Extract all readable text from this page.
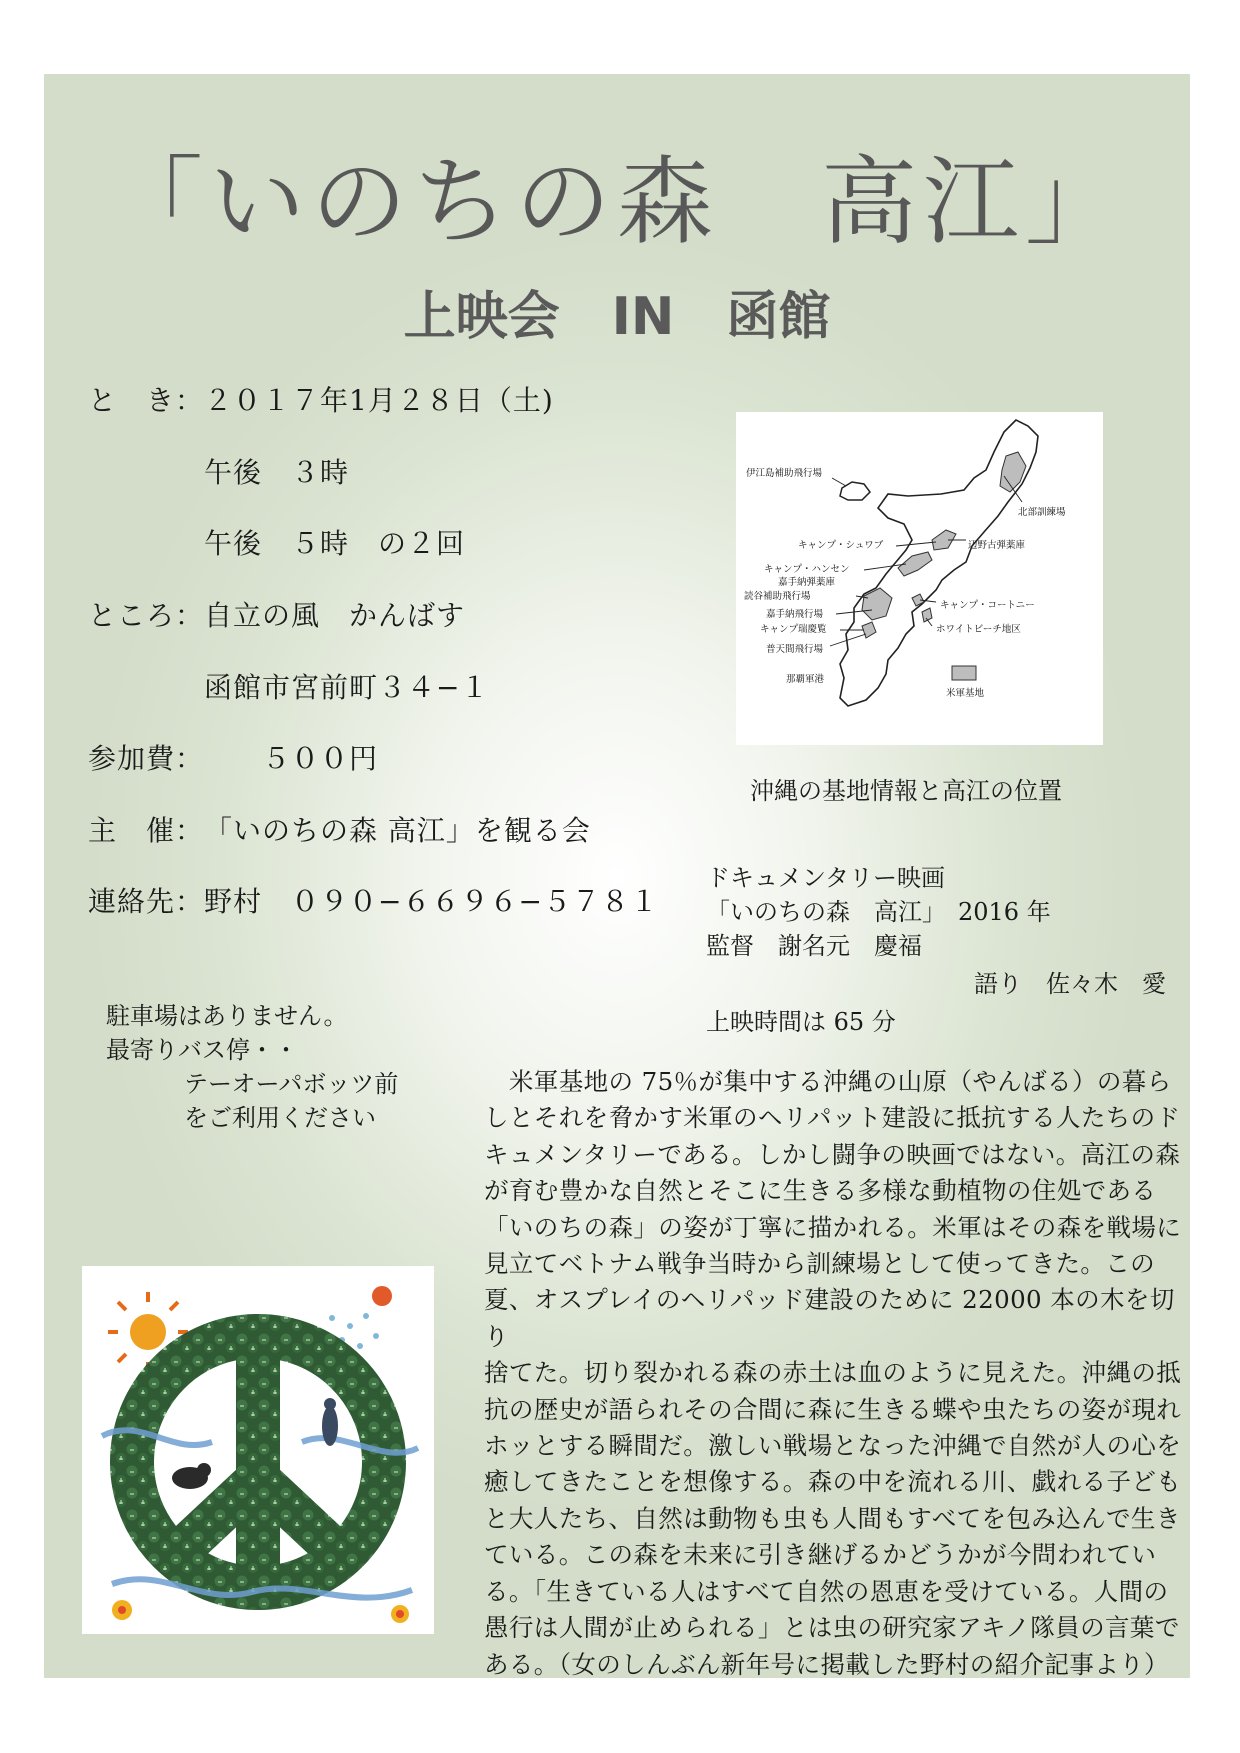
「いのちの森　高江」
上映会　IN　函館
と　き：２０１７年1月２８日（土)
午後　３時
午後　５時　の２回
ところ：自立の風　かんばす
函館市宮前町３４−１
参加費： ５００円
主　催：「いのちの森 高江」を観る会
連絡先：野村　０９０−６６９６−５７８１
伊江島補助飛行場
北部訓練場
キャンプ・シュワブ	辺野古弾薬庫
キャンプ・ハンセン
嘉手納弾薬庫
読谷補助飛行場
キャンプ・コートニー
嘉手納飛行場
ホワイトビーチ地区
キャンプ瑞慶覧
普天間飛行場
那覇軍港
米軍基地
沖縄の基地情報と高江の位置
ドキュメンタリー映画
「いのちの森　高江」　2016 年
監督　謝名元　慶福
語り　佐々木　愛
上映時間は 65 分
駐車場はありません。
最寄りバス停・・
テーオーパボッツ前
をご利用ください

　米軍基地の 75％が集中する沖縄の山原（やんばる）の暮ら

しとそれを脅かす米軍のヘリパット建設に抵抗する人たちのド

キュメンタリーである。しかし闘争の映画ではない。高江の森

が育む豊かな自然とそこに生きる多様な動植物の住処である

「いのちの森」の姿が丁寧に描かれる。米軍はその森を戦場に

見立てベトナム戦争当時から訓練場として使ってきた。この

夏、オスプレイのヘリパッド建設のために 22000 本の木を切り

捨てた。切り裂かれる森の赤土は血のように見えた。沖縄の抵

抗の歴史が語られその合間に森に生きる蝶や虫たちの姿が現れ

ホッとする瞬間だ。激しい戦場となった沖縄で自然が人の心を

癒してきたことを想像する。森の中を流れる川、戯れる子ども

と大人たち、自然は動物も虫も人間もすべてを包み込んで生き

ている。この森を未来に引き継げるかどうかが今問われてい

る。「生きている人はすべて自然の恩恵を受けている。人間の

愚行は人間が止められる」とは虫の研究家アキノ隊員の言葉で

ある。（女のしんぶん新年号に掲載した野村の紹介記事より）
